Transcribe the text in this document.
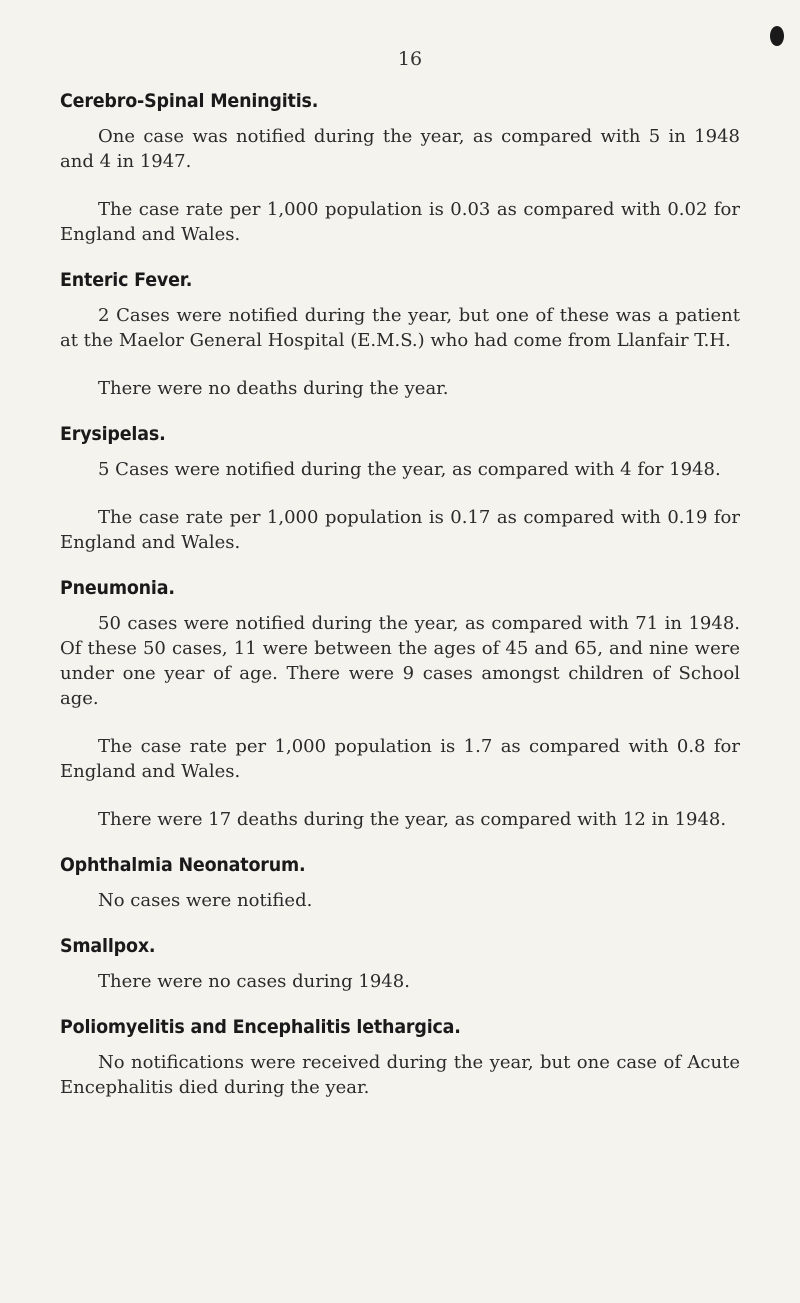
16
Cerebro-Spinal Meningitis.

One case was notified during the year, as compared with 5 in 1948 and 4 in 1947.

The case rate per 1,000 population is 0.03 as compared with 0.02 for England and Wales.

Enteric Fever.

2 Cases were notified during the year, but one of these was a patient at the Maelor General Hospital (E.M.S.) who had come from Llanfair T.H.

There were no deaths during the year.

Erysipelas.

5 Cases were notified during the year, as compared with 4 for 1948.

The case rate per 1,000 population is 0.17 as compared with 0.19 for England and Wales.

Pneumonia.

50 cases were notified during the year, as compared with 71 in 1948. Of these 50 cases, 11 were between the ages of 45 and 65, and nine were under one year of age. There were 9 cases amongst children of School age.

The case rate per 1,000 population is 1.7 as compared with 0.8 for England and Wales.

There were 17 deaths during the year, as compared with 12 in 1948.

Ophthalmia Neonatorum.

No cases were notified.

Smallpox.

There were no cases during 1948.

Poliomyelitis and Encephalitis lethargica.

No notifications were received during the year, but one case of Acute Encephalitis died during the year.
